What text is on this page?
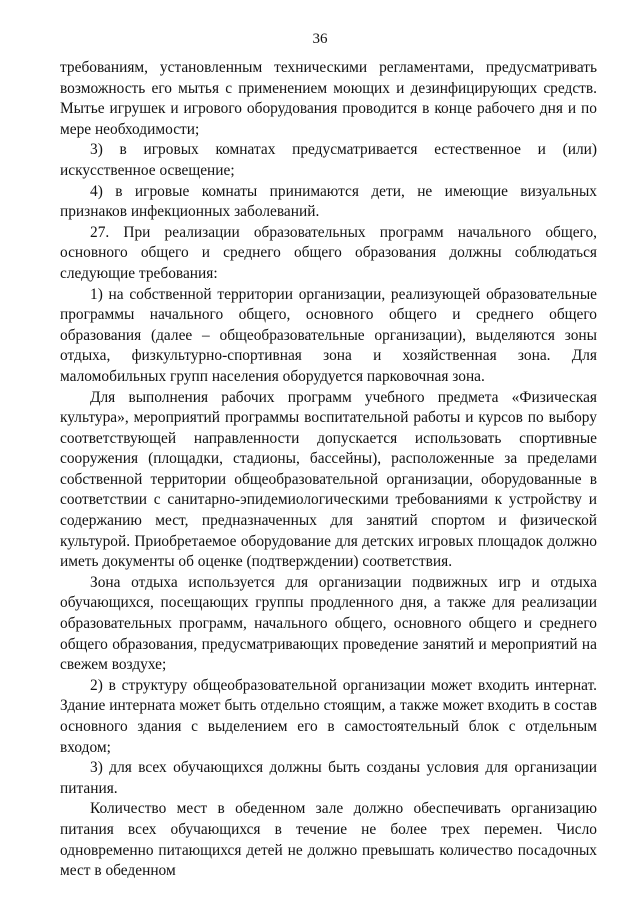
36

требованиям, установленным техническими регламентами, предусматривать возможность его мытья с применением моющих и дезинфицирующих средств. Мытье игрушек и игрового оборудования проводится в конце рабочего дня и по мере необходимости;

3) в игровых комнатах предусматривается естественное и (или) искусственное освещение;

4) в игровые комнаты принимаются дети, не имеющие визуальных признаков инфекционных заболеваний.

27. При реализации образовательных программ начального общего, основного общего и среднего общего образования должны соблюдаться следующие требования:

1) на собственной территории организации, реализующей образовательные программы начального общего, основного общего и среднего общего образования (далее – общеобразовательные организации), выделяются зоны отдыха, физкультурно-спортивная зона и хозяйственная зона. Для маломобильных групп населения оборудуется парковочная зона.

Для выполнения рабочих программ учебного предмета «Физическая культура», мероприятий программы воспитательной работы и курсов по выбору соответствующей направленности допускается использовать спортивные сооружения (площадки, стадионы, бассейны), расположенные за пределами собственной территории общеобразовательной организации, оборудованные в соответствии с санитарно-эпидемиологическими требованиями к устройству и содержанию мест, предназначенных для занятий спортом и физической культурой. Приобретаемое оборудование для детских игровых площадок должно иметь документы об оценке (подтверждении) соответствия.

Зона отдыха используется для организации подвижных игр и отдыха обучающихся, посещающих группы продленного дня, а также для реализации образовательных программ, начального общего, основного общего и среднего общего образования, предусматривающих проведение занятий и мероприятий на свежем воздухе;

2) в структуру общеобразовательной организации может входить интернат. Здание интерната может быть отдельно стоящим, а также может входить в состав основного здания с выделением его в самостоятельный блок с отдельным входом;

3) для всех обучающихся должны быть созданы условия для организации питания.

Количество мест в обеденном зале должно обеспечивать организацию питания всех обучающихся в течение не более трех перемен. Число одновременно питающихся детей не должно превышать количество посадочных мест в обеденном
